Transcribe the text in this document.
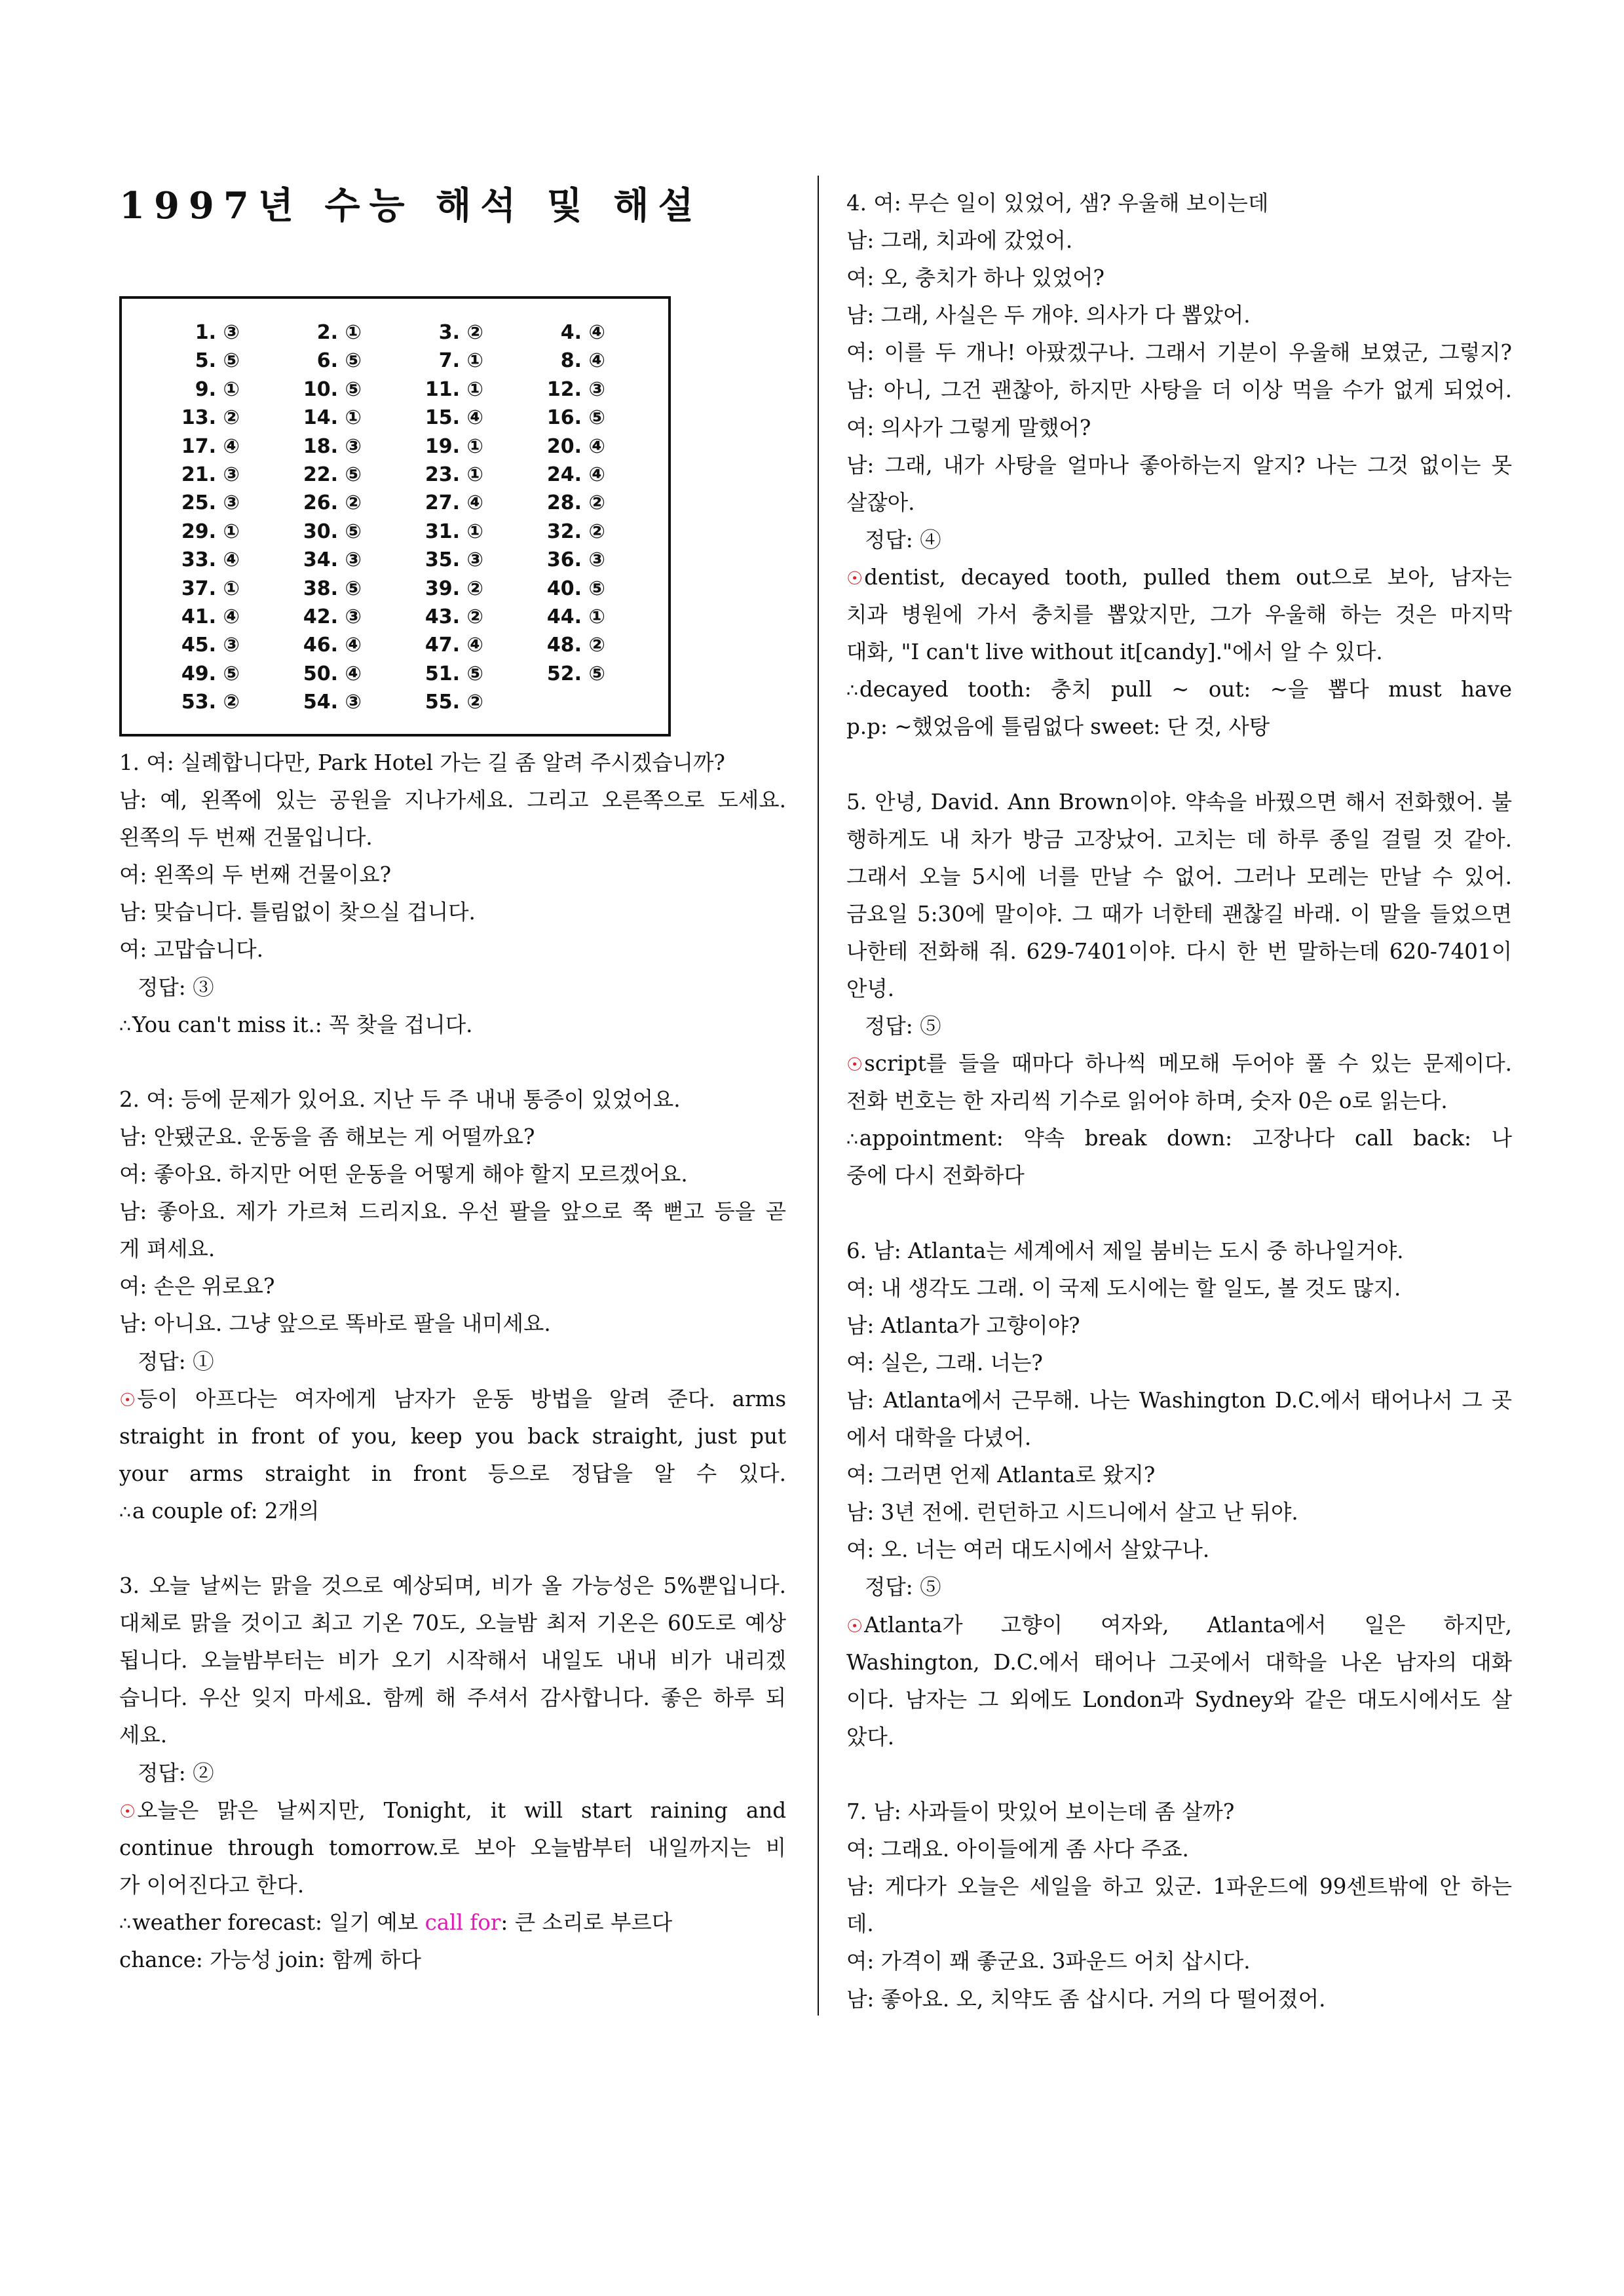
1997년 수능 해석 및 해설
1. ③	2. ①	3. ②	4. ④
5. ⑤	6. ⑤	7. ①	8. ④
9. ①	10. ⑤	11. ①	12. ③
13. ②	14. ①	15. ④	16. ⑤
17. ④	18. ③	19. ①	20. ④
21. ③	22. ⑤	23. ①	24. ④
25. ③	26. ②	27. ④	28. ②
29. ①	30. ⑤	31. ①	32. ②
33. ④	34. ③	35. ③	36. ③
37. ①	38. ⑤	39. ②	40. ⑤
41. ④	42. ③	43. ②	44. ①
45. ③	46. ④	47. ④	48. ②
49. ⑤	50. ④	51. ⑤	52. ⑤
53. ②	54. ③	55. ②
1. 여: 실례합니다만, Park Hotel 가는 길 좀 알려 주시겠습니까?
남: 예, 왼쪽에 있는 공원을 지나가세요. 그리고 오른쪽으로 도세요.
왼쪽의 두 번째 건물입니다.
여: 왼쪽의 두 번째 건물이요?
남: 맞습니다. 틀림없이 찾으실 겁니다.
여: 고맙습니다.
정답: ③
∴You can't miss it.: 꼭 찾을 겁니다.
2. 여: 등에 문제가 있어요. 지난 두 주 내내 통증이 있었어요.
남: 안됐군요. 운동을 좀 해보는 게 어떨까요?
여: 좋아요. 하지만 어떤 운동을 어떻게 해야 할지 모르겠어요.
남: 좋아요. 제가 가르쳐 드리지요. 우선 팔을 앞으로 쭉 뻗고 등을 곧
게 펴세요.
여: 손은 위로요?
남: 아니요. 그냥 앞으로 똑바로 팔을 내미세요.
정답: ①
☉등이 아프다는 여자에게 남자가 운동 방법을 알려 준다. arms
straight in front of you, keep you back straight, just put
your arms straight in front 등으로 정답을 알 수 있다.
∴a couple of: 2개의
3. 오늘 날씨는 맑을 것으로 예상되며, 비가 올 가능성은 5%뿐입니다.
대체로 맑을 것이고 최고 기온 70도, 오늘밤 최저 기온은 60도로 예상
됩니다. 오늘밤부터는 비가 오기 시작해서 내일도 내내 비가 내리겠
습니다. 우산 잊지 마세요. 함께 해 주셔서 감사합니다. 좋은 하루 되
세요.
정답: ②
☉오늘은 맑은 날씨지만, Tonight, it will start raining and
continue through tomorrow.로 보아 오늘밤부터 내일까지는 비
가 이어진다고 한다.
∴weather forecast: 일기 예보 call for: 큰 소리로 부르다
chance: 가능성 join: 함께 하다
4. 여: 무슨 일이 있었어, 샘? 우울해 보이는데
남: 그래, 치과에 갔었어.
여: 오, 충치가 하나 있었어?
남: 그래, 사실은 두 개야. 의사가 다 뽑았어.
여: 이를 두 개나! 아팠겠구나. 그래서 기분이 우울해 보였군, 그렇지?
남: 아니, 그건 괜찮아, 하지만 사탕을 더 이상 먹을 수가 없게 되었어.
여: 의사가 그렇게 말했어?
남: 그래, 내가 사탕을 얼마나 좋아하는지 알지? 나는 그것 없이는 못
살잖아.
정답: ④
☉dentist, decayed tooth, pulled them out으로 보아, 남자는
치과 병원에 가서 충치를 뽑았지만, 그가 우울해 하는 것은 마지막
대화, "I can't live without it[candy]."에서 알 수 있다.
∴decayed tooth: 충치 pull ~ out: ~을 뽑다 must have
p.p: ~했었음에 틀림없다 sweet: 단 것, 사탕
5. 안녕, David. Ann Brown이야. 약속을 바꿨으면 해서 전화했어. 불
행하게도 내 차가 방금 고장났어. 고치는 데 하루 종일 걸릴 것 같아.
그래서 오늘 5시에 너를 만날 수 없어. 그러나 모레는 만날 수 있어.
금요일 5:30에 말이야. 그 때가 너한테 괜찮길 바래. 이 말을 들었으면
나한테 전화해 줘. 629-7401이야. 다시 한 번 말하는데 620-7401이
안녕.
정답: ⑤
☉script를 들을 때마다 하나씩 메모해 두어야 풀 수 있는 문제이다.
전화 번호는 한 자리씩 기수로 읽어야 하며, 숫자 0은 o로 읽는다.
∴appointment: 약속 break down: 고장나다 call back: 나
중에 다시 전화하다
6. 남: Atlanta는 세계에서 제일 붐비는 도시 중 하나일거야.
여: 내 생각도 그래. 이 국제 도시에는 할 일도, 볼 것도 많지.
남: Atlanta가 고향이야?
여: 실은, 그래. 너는?
남: Atlanta에서 근무해. 나는 Washington D.C.에서 태어나서 그 곳
에서 대학을 다녔어.
여: 그러면 언제 Atlanta로 왔지?
남: 3년 전에. 런던하고 시드니에서 살고 난 뒤야.
여: 오. 너는 여러 대도시에서 살았구나.
정답: ⑤
☉Atlanta가 고향이 여자와, Atlanta에서 일은 하지만,
Washington, D.C.에서 태어나 그곳에서 대학을 나온 남자의 대화
이다. 남자는 그 외에도 London과 Sydney와 같은 대도시에서도 살
았다.
7. 남: 사과들이 맛있어 보이는데 좀 살까?
여: 그래요. 아이들에게 좀 사다 주죠.
남: 게다가 오늘은 세일을 하고 있군. 1파운드에 99센트밖에 안 하는
데.
여: 가격이 꽤 좋군요. 3파운드 어치 삽시다.
남: 좋아요. 오, 치약도 좀 삽시다. 거의 다 떨어졌어.
